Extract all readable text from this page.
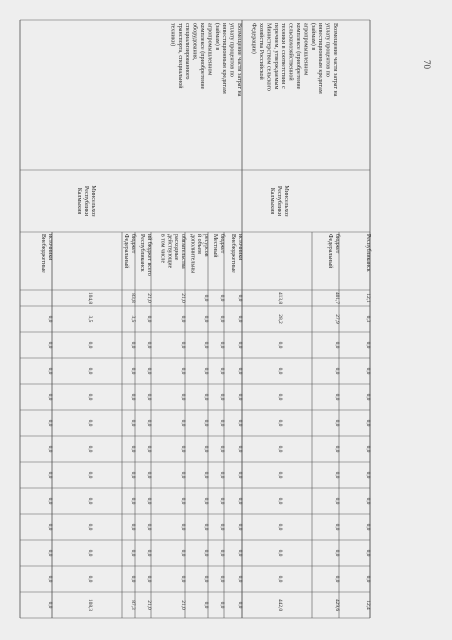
Возмещение части затрат на
уплату процентов по
инвестиционным кредитам
(займам) в
агропромышленном
комплексе (приобретение
оборудования,
специализированного
транспорта, специальной
техники)
Внебюджетные источники
0,0
0,0
0,0
0,0
0,0
0,0
0,0
0,0
0,0
0,0
0,0
0,0
104,8
3,5
0,0
0,0
0,0
0,0
0,0
0,0
0,0
0,0
0,0
0,0
108,3
Федеральный бюджет
83,8
3,5
0,0
0,0
0,0
0,0
0,0
0,0
0,0
0,0
0,0
0,0
87,3
Республиканск ий бюджет всего
21,0
0,0
0,0
0,0
0,0
0,0
0,0
0,0
0,0
0,0
0,0
0,0
21,0
в том числе действующие расходные обязательства
21,0
0,0
0,0
0,0
0,0
0,0
0,0
0,0
0,0
0,0
0,0
0,0
21,0
дополнительны й объем ресурсов
0,0
0,0
0,0
0,0
0,0
0,0
0,0
0,0
0,0
0,0
0,0
0,0
0,0
Местный бюджет
0,0
0,0
0,0
0,0
0,0
0,0
0,0
0,0
0,0
0,0
0,0
0,0
0,0
Внебюджетные источники
0,0
0,0
0,0
0,0
0,0
0,0
0,0
0,0
0,0
0,0
0,0
0,0
0,0
Минсельхоз
Республики
Калмыкия
Возмещение части затрат на
уплату процентов по
инвестиционным кредитам
(займам) в
агропромышленном
комплексе (приобретение
сельскохозяйственной
техники в соответствии с
перечнем, утверждаемым
Министерством сельского
хозяйства Российской
Федерации)
413,8
28,2
0,0
0,0
0,0
0,0
0,0
0,0
0,0
0,0
0,0
0,0
442,0
Федеральный бюджет
401,7
27,9
0,0
0,0
0,0
0,0
0,0
0,0
0,0
0,0
0,0
0,0
429,6
Республиканск
12,1
0,3
0,0
0,0
0,0
0,0
0,0
0,0
0,0
0,0
0,0
0,0
12,4
Минсельхоз
Республики
Калмыкия
70
